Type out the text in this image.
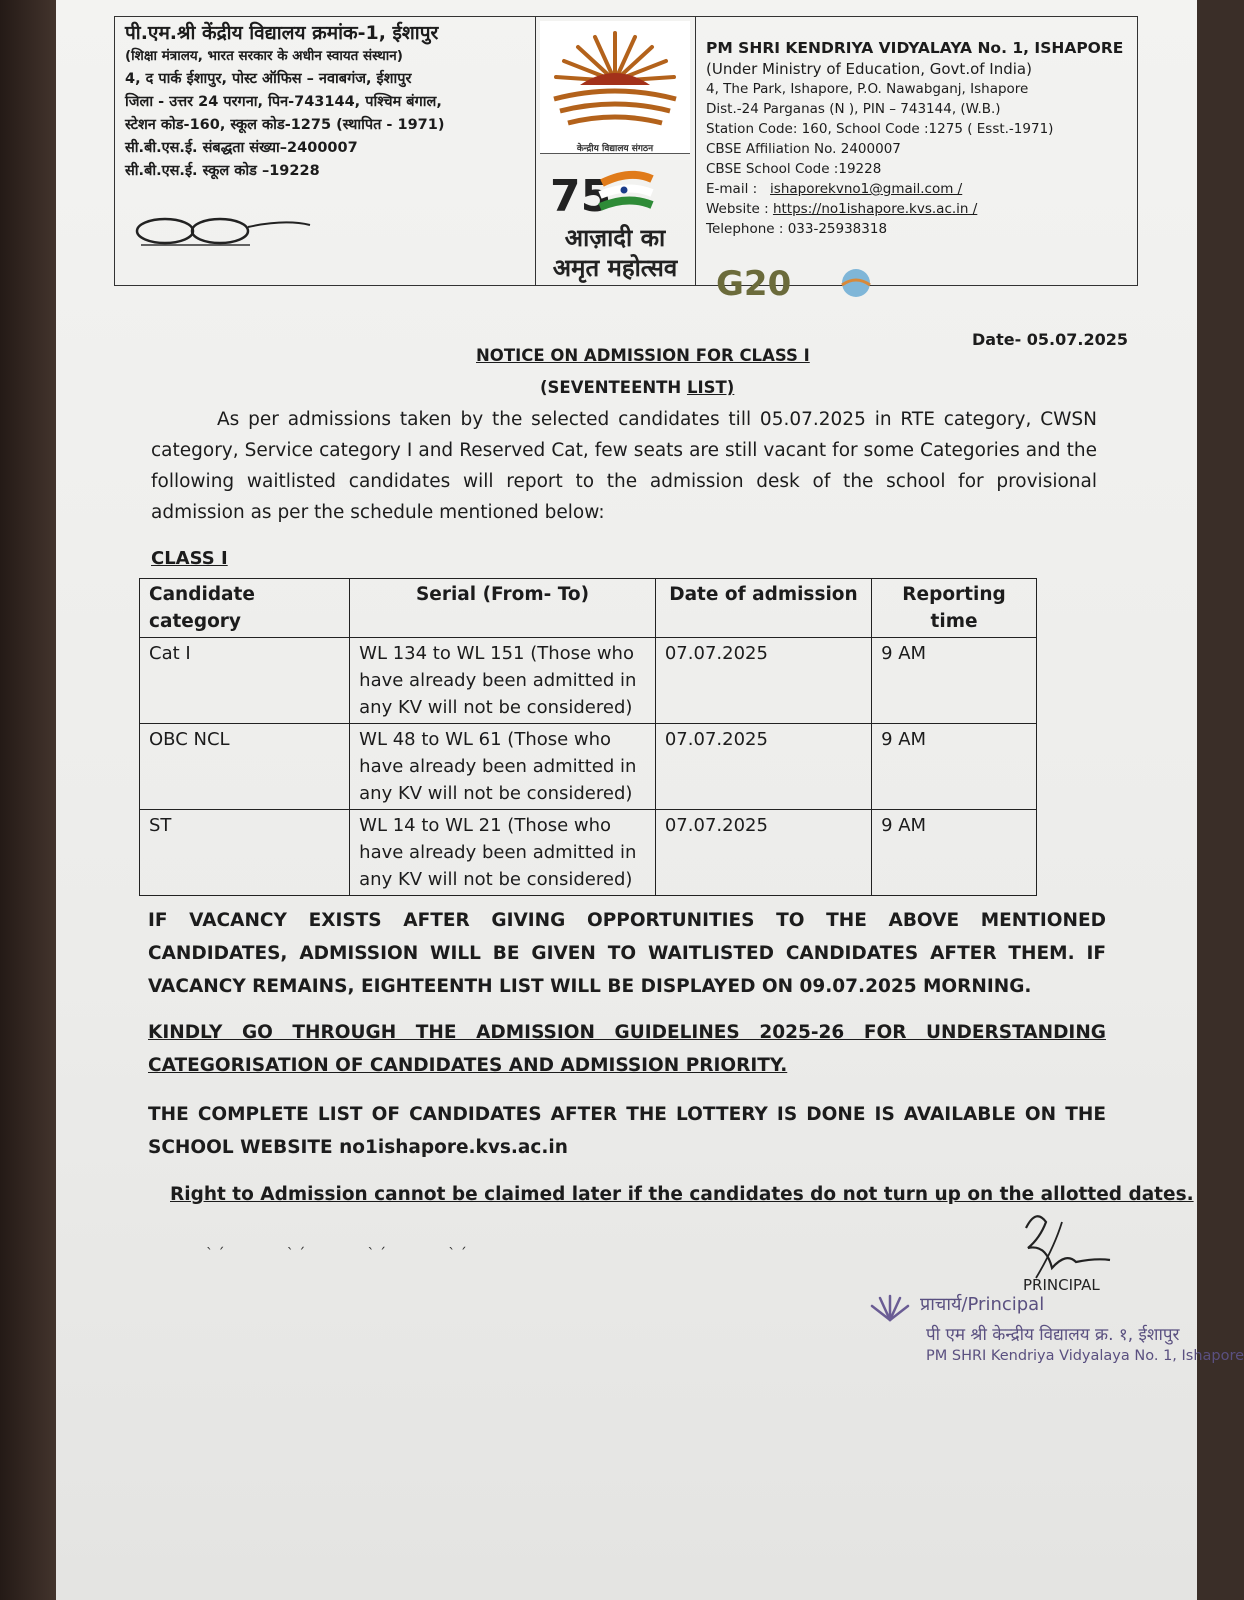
पी.एम.श्री केंद्रीय विद्यालय क्रमांक-1, ईशापुर

(शिक्षा मंत्रालय, भारत सरकार के अधीन स्वायत संस्थान)

4, द पार्क ईशापुर, पोस्ट ऑफिस – नवाबगंज, ईशापुर

जिला - उत्तर 24 परगना, पिन-743144, पश्चिम बंगाल,

स्टेशन कोड-160, स्कूल कोड-1275 (स्थापित - 1971)

सी.बी.एस.ई. संबद्धता संख्या–2400007

सी.बी.एस.ई. स्कूल कोड –19228

केन्द्रीय विद्यालय संगठन
75
आज़ादी का
अमृत महोत्सव
PM SHRI KENDRIYA VIDYALAYA No. 1, ISHAPORE
(Under Ministry of Education, Govt.of India)
4, The Park, Ishapore, P.O. Nawabganj, Ishapore
Dist.-24 Parganas (N ), PIN – 743144, (W.B.)
Station Code: 160, School Code :1275 ( Esst.-1971)
CBSE Affiliation No. 2400007
CBSE School Code :19228
E-mail : ishaporekvno1@gmail.com /
Website : https://no1ishapore.kvs.ac.in /
Telephone : 033-25938318
G20
Date- 05.07.2025
NOTICE ON ADMISSION FOR CLASS I
(SEVENTEENTH LIST)
As per admissions taken by the selected candidates till 05.07.2025 in RTE category, CWSN category, Service category I and Reserved Cat, few seats are still vacant for some Categories and the following waitlisted candidates will report to the admission desk of the school for provisional admission as per the schedule mentioned below:
CLASS I
Candidate category	Serial (From- To)	Date of admission	Reporting time
Cat I	WL 134 to WL 151 (Those who have already been admitted in any KV will not be considered)	07.07.2025	9 AM
OBC NCL	WL 48 to WL 61 (Those who have already been admitted in any KV will not be considered)	07.07.2025	9 AM
ST	WL 14 to WL 21 (Those who have already been admitted in any KV will not be considered)	07.07.2025	9 AM
IF VACANCY EXISTS AFTER GIVING OPPORTUNITIES TO THE ABOVE MENTIONED CANDIDATES, ADMISSION WILL BE GIVEN TO WAITLISTED CANDIDATES AFTER THEM. IF VACANCY REMAINS, EIGHTEENTH LIST WILL BE DISPLAYED ON 09.07.2025 MORNING.
KINDLY GO THROUGH THE ADMISSION GUIDELINES 2025-26 FOR UNDERSTANDING CATEGORISATION OF CANDIDATES AND ADMISSION PRIORITY.
THE COMPLETE LIST OF CANDIDATES AFTER THE LOTTERY IS DONE IS AVAILABLE ON THE SCHOOL WEBSITE no1ishapore.kvs.ac.in
Right to Admission cannot be claimed later if the candidates do not turn up on the allotted dates.
ˎ ˏ              ˎ ˏ              ˎ ˏ              ˎ ˏ
PRINCIPAL
प्राचार्य/Principal
पी एम श्री केन्द्रीय विद्यालय क्र. १, ईशापुर
PM SHRI Kendriya Vidyalaya No. 1, Ishapore
